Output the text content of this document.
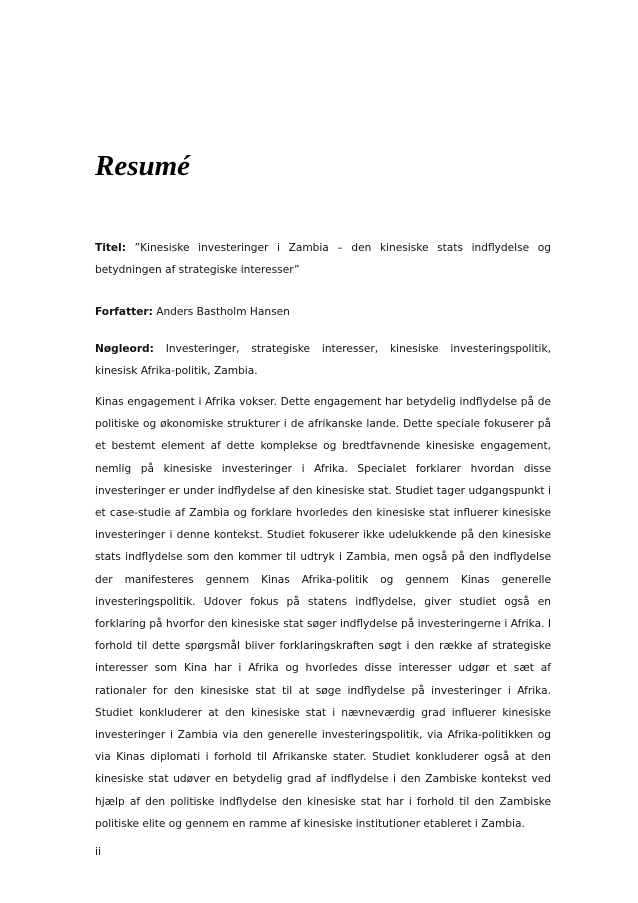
Resumé

Titel: ”Kinesiske investeringer i Zambia – den kinesiske stats indflydelse og betydningen af strategiske interesser”

Forfatter: Anders Bastholm Hansen

Nøgleord: Investeringer, strategiske interesser, kinesiske investeringspolitik, kinesisk Afrika-politik, Zambia.

Kinas engagement i Afrika vokser. Dette engagement har betydelig indflydelse på de politiske og økonomiske strukturer i de afrikanske lande. Dette speciale fokuserer på et bestemt element af dette komplekse og bredtfavnende kinesiske engagement, nemlig på kinesiske investeringer i Afrika. Specialet forklarer hvordan disse investeringer er under indflydelse af den kinesiske stat. Studiet tager udgangspunkt i et case-studie af Zambia og forklare hvorledes den kinesiske stat influerer kinesiske investeringer i denne kontekst. Studiet fokuserer ikke udelukkende på den kinesiske stats indflydelse som den kommer til udtryk i Zambia, men også på den indflydelse der manifesteres gennem Kinas Afrika-politik og gennem Kinas generelle investeringspolitik. Udover fokus på statens indflydelse, giver studiet også en forklaring på hvorfor den kinesiske stat søger indflydelse på investeringerne i Afrika. I forhold til dette spørgsmål bliver forklaringskraften søgt i den række af strategiske interesser som Kina har i Afrika og hvorledes disse interesser udgør et sæt af rationaler for den kinesiske stat til at søge indflydelse på investeringer i Afrika. Studiet konkluderer at den kinesiske stat i nævneværdig grad influerer kinesiske investeringer i Zambia via den generelle investeringspolitik, via Afrika-politikken og via Kinas diplomati i forhold til Afrikanske stater. Studiet konkluderer også at den kinesiske stat udøver en betydelig grad af indflydelse i den Zambiske kontekst ved hjælp af den politiske indflydelse den kinesiske stat har i forhold til den Zambiske politiske elite og gennem en ramme af kinesiske institutioner etableret i Zambia.

ii
